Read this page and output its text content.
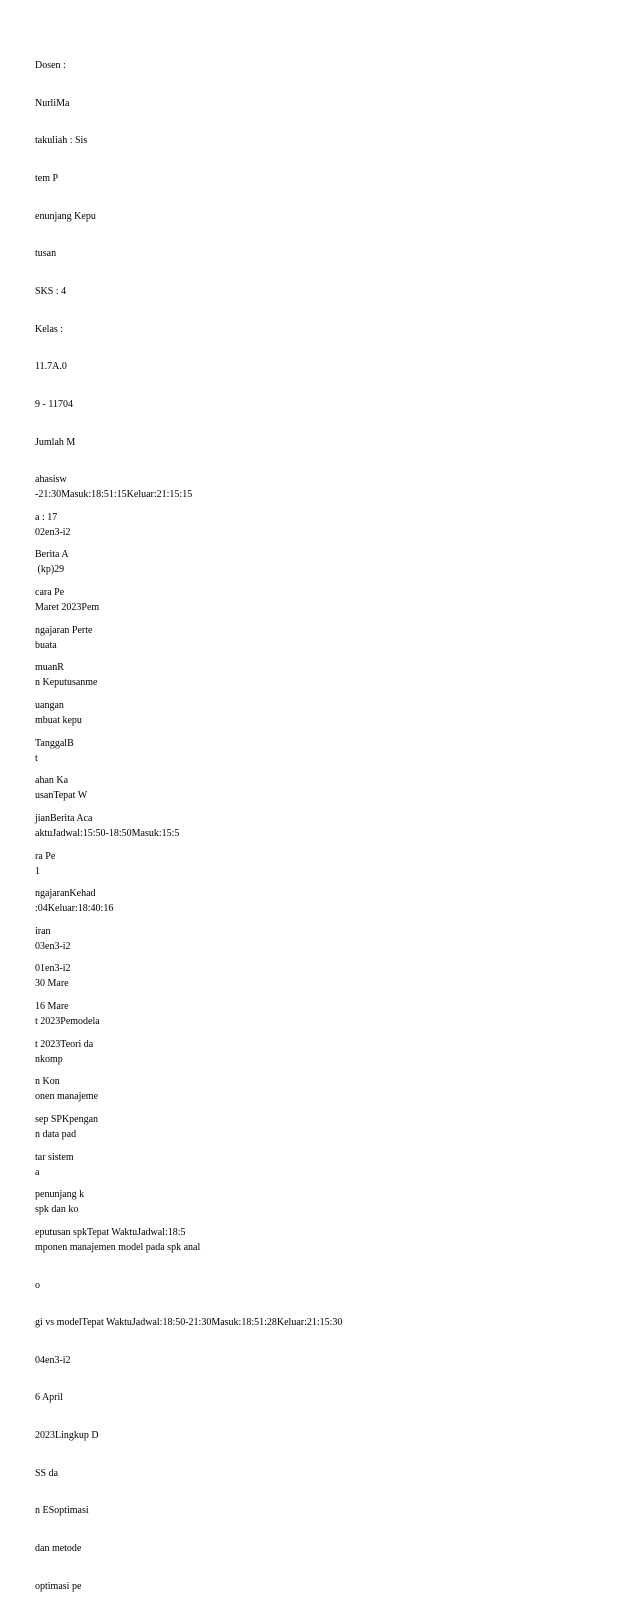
Dosen :

NurliMa

takuliah : Sis

tem P

enunjang Kepu

tusan

SKS : 4

Kelas :

11.7A.0

9 - 11704

Jumlah M

ahasisw

a : 17

Berita A

cara Pe

ngajaran Perte

muanR

uangan

TanggalB

ahan Ka

jianBerita Aca

ra Pe

ngajaranKehad

iran

01en3-i2

16 Mare

t 2023Teori da

n Kon

sep SPKpengan

tar sistem

penunjang k

eputusan spkTepat WaktuJadwal:18:5

-21:30Masuk:18:51:15Keluar:21:15:15

02en3-i2

(kp)29

Maret 2023Pem

buata

n Keputusanme

mbuat kepu

t

usanTepat W

aktuJadwal:15:50-18:50Masuk:15:5

1

:04Keluar:18:40:16

03en3-i2

30 Mare

t 2023Pemodela

nkomp

onen manajeme

n data pad

a

spk dan ko

mponen manajemen model pada spk anal

o

gi vs modelTepat WaktuJadwal:18:50-21:30Masuk:18:51:28Keluar:21:15:30

04en3-i2

6 April

2023Lingkup D

SS da

n ESoptimasi

dan metode

optimasi pe
